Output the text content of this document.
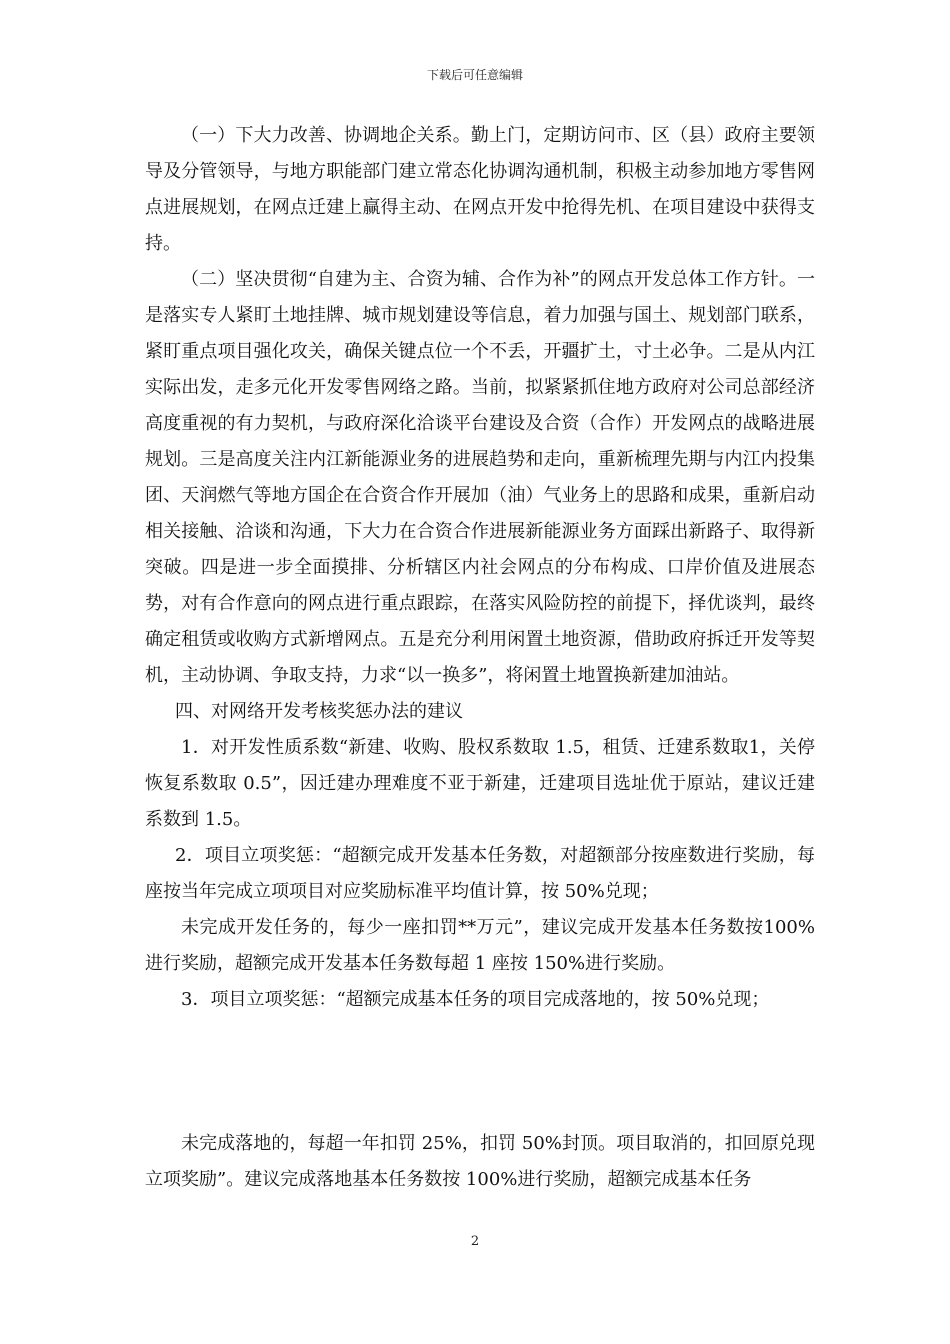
下载后可任意编辑

（一）下大力改善、协调地企关系。勤上门，定期访问市、区（县）政府主要领导及分管领导，与地方职能部门建立常态化协调沟通机制，积极主动参加地方零售网点进展规划，在网点迁建上赢得主动、在网点开发中抢得先机、在项目建设中获得支持。

（二）坚决贯彻“自建为主、合资为辅、合作为补”的网点开发总体工作方针。一是落实专人紧盯土地挂牌、城市规划建设等信息，着力加强与国土、规划部门联系，紧盯重点项目强化攻关，确保关键点位一个不丢，开疆扩土，寸土必争。二是从内江实际出发，走多元化开发零售网络之路。当前，拟紧紧抓住地方政府对公司总部经济高度重视的有力契机，与政府深化洽谈平台建设及合资（合作）开发网点的战略进展规划。三是高度关注内江新能源业务的进展趋势和走向，重新梳理先期与内江内投集团、天润燃气等地方国企在合资合作开展加（油）气业务上的思路和成果，重新启动相关接触、洽谈和沟通，下大力在合资合作进展新能源业务方面踩出新路子、取得新突破。四是进一步全面摸排、分析辖区内社会网点的分布构成、口岸价值及进展态势，对有合作意向的网点进行重点跟踪，在落实风险防控的前提下，择优谈判，最终确定租赁或收购方式新增网点。五是充分利用闲置土地资源，借助政府拆迁开发等契机，主动协调、争取支持，力求“以一换多”，将闲置土地置换新建加油站。

四、对网络开发考核奖惩办法的建议

1．对开发性质系数“新建、收购、股权系数取 1.5，租赁、迁建系数取1，关停恢复系数取 0.5”，因迁建办理难度不亚于新建，迁建项目选址优于原站，建议迁建系数到 1.5。

2．项目立项奖惩：“超额完成开发基本任务数，对超额部分按座数进行奖励，每座按当年完成立项项目对应奖励标准平均值计算，按 50%兑现；

未完成开发任务的，每少一座扣罚**万元”，建议完成开发基本任务数按100%进行奖励，超额完成开发基本任务数每超 1 座按 150%进行奖励。

3．项目立项奖惩：“超额完成基本任务的项目完成落地的，按 50%兑现；

未完成落地的，每超一年扣罚 25%，扣罚 50%封顶。项目取消的，扣回原兑现立项奖励”。建议完成落地基本任务数按 100%进行奖励，超额完成基本任务

2
